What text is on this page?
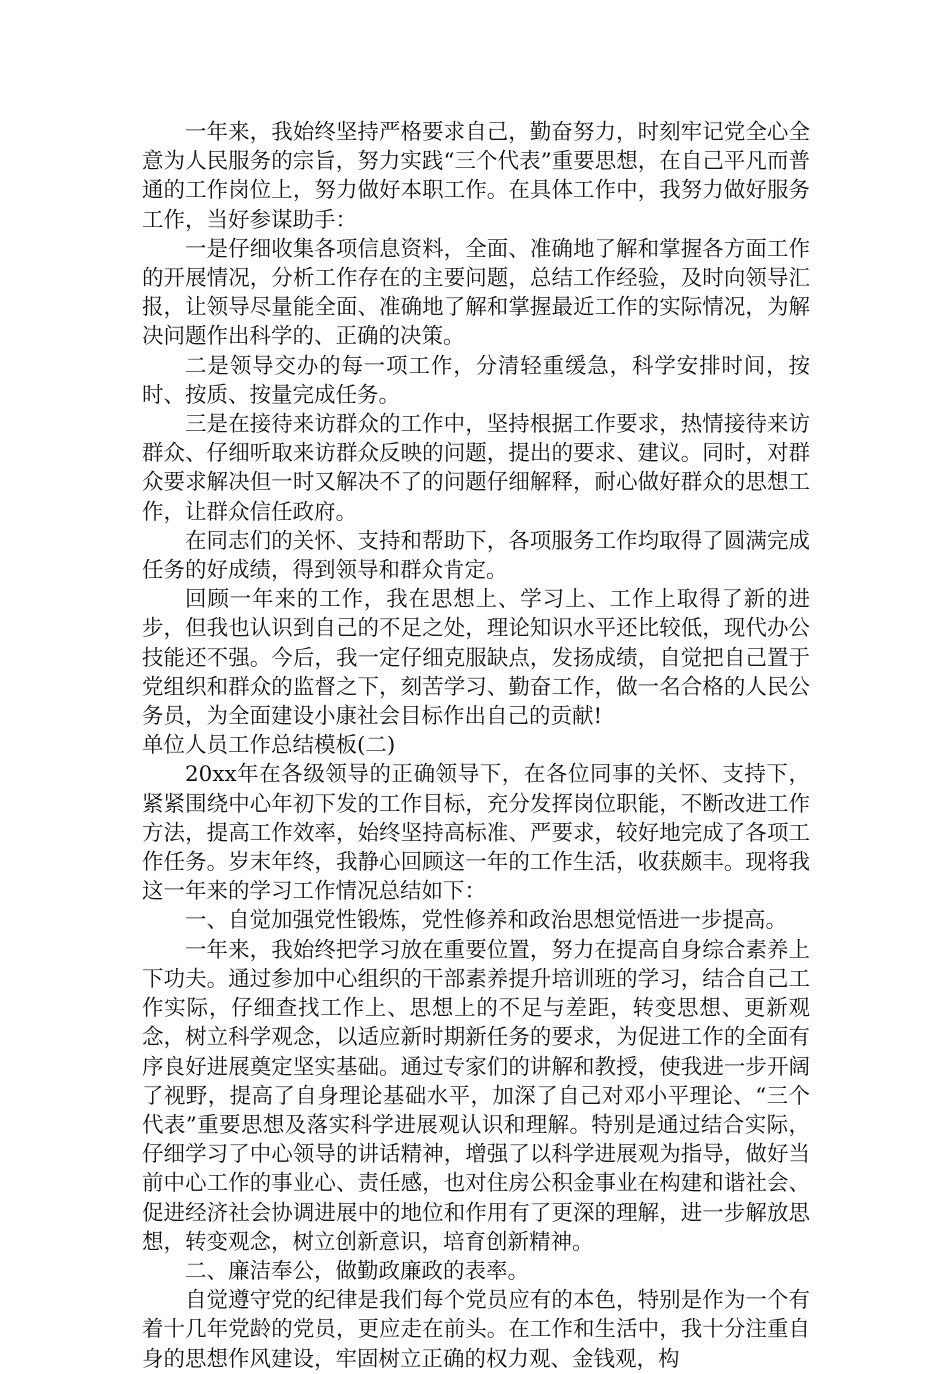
一年来，我始终坚持严格要求自己，勤奋努力，时刻牢记党全心全意为人民服务的宗旨，努力实践“三个代表”重要思想，在自己平凡而普通的工作岗位上，努力做好本职工作。在具体工作中，我努力做好服务工作，当好参谋助手：

一是仔细收集各项信息资料，全面、准确地了解和掌握各方面工作的开展情况，分析工作存在的主要问题，总结工作经验，及时向领导汇报，让领导尽量能全面、准确地了解和掌握最近工作的实际情况，为解决问题作出科学的、正确的决策。

二是领导交办的每一项工作，分清轻重缓急，科学安排时间，按时、按质、按量完成任务。

三是在接待来访群众的工作中，坚持根据工作要求，热情接待来访群众、仔细听取来访群众反映的问题，提出的要求、建议。同时，对群众要求解决但一时又解决不了的问题仔细解释，耐心做好群众的思想工作，让群众信任政府。

在同志们的关怀、支持和帮助下，各项服务工作均取得了圆满完成任务的好成绩，得到领导和群众肯定。

回顾一年来的工作，我在思想上、学习上、工作上取得了新的进步，但我也认识到自己的不足之处，理论知识水平还比较低，现代办公技能还不强。今后，我一定仔细克服缺点，发扬成绩，自觉把自己置于党组织和群众的监督之下，刻苦学习、勤奋工作，做一名合格的人民公务员，为全面建设小康社会目标作出自己的贡献!

单位人员工作总结模板(二)

20xx年在各级领导的正确领导下，在各位同事的关怀、支持下，紧紧围绕中心年初下发的工作目标，充分发挥岗位职能，不断改进工作方法，提高工作效率，始终坚持高标准、严要求，较好地完成了各项工作任务。岁末年终，我静心回顾这一年的工作生活，收获颇丰。现将我这一年来的学习工作情况总结如下：

一、自觉加强党性锻炼，党性修养和政治思想觉悟进一步提高。

一年来，我始终把学习放在重要位置，努力在提高自身综合素养上下功夫。通过参加中心组织的干部素养提升培训班的学习，结合自己工作实际，仔细查找工作上、思想上的不足与差距，转变思想、更新观念，树立科学观念，以适应新时期新任务的要求，为促进工作的全面有序良好进展奠定坚实基础。通过专家们的讲解和教授，使我进一步开阔了视野，提高了自身理论基础水平，加深了自己对邓小平理论、“三个代表”重要思想及落实科学进展观认识和理解。特别是通过结合实际，仔细学习了中心领导的讲话精神，增强了以科学进展观为指导，做好当前中心工作的事业心、责任感，也对住房公积金事业在构建和谐社会、促进经济社会协调进展中的地位和作用有了更深的理解，进一步解放思想，转变观念，树立创新意识，培育创新精神。

二、廉洁奉公，做勤政廉政的表率。

自觉遵守党的纪律是我们每个党员应有的本色，特别是作为一个有着十几年党龄的党员，更应走在前头。在工作和生活中，我十分注重自身的思想作风建设，牢固树立正确的权力观、金钱观，构
